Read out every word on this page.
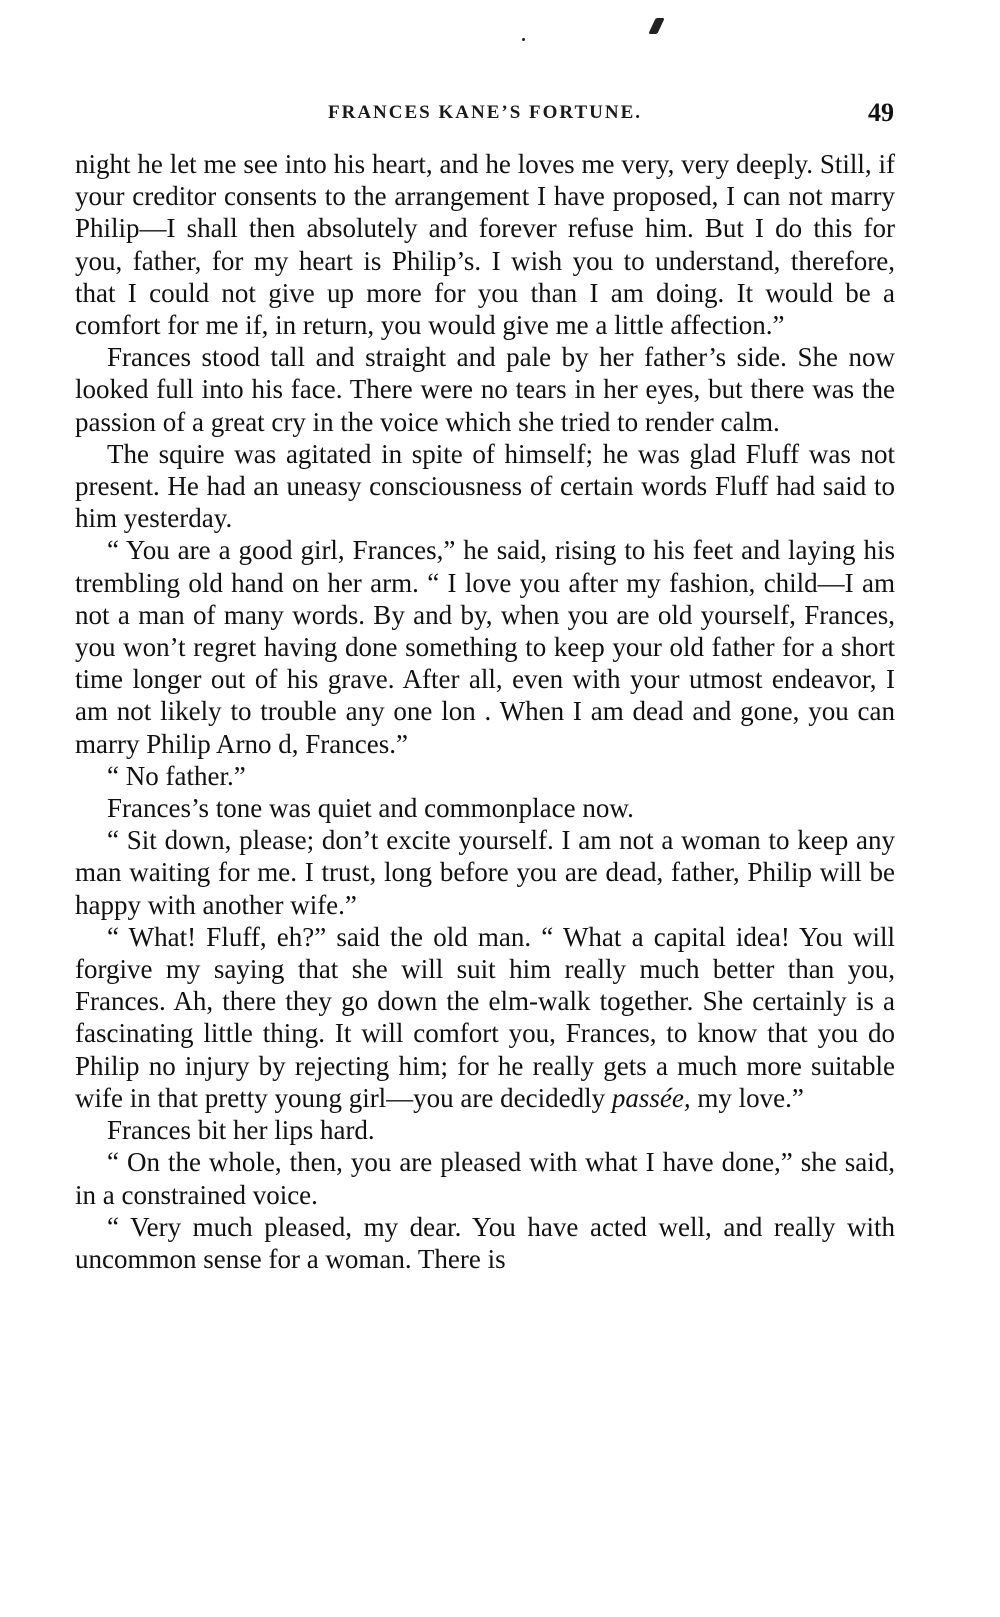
FRANCES KANE’S FORTUNE.	49

night he let me see into his heart, and he loves me very, very deeply. Still, if your creditor consents to the arrangement I have proposed, I can not marry Philip—I shall then absolutely and forever refuse him. But I do this for you, father, for my heart is Philip’s. I wish you to understand, therefore, that I could not give up more for you than I am doing. It would be a comfort for me if, in return, you would give me a little affection.”

Frances stood tall and straight and pale by her father’s side. She now looked full into his face. There were no tears in her eyes, but there was the passion of a great cry in the voice which she tried to render calm.

The squire was agitated in spite of himself; he was glad Fluff was not present. He had an uneasy consciousness of certain words Fluff had said to him yesterday.

“ You are a good girl, Frances,” he said, rising to his feet and laying his trembling old hand on her arm. “ I love you after my fashion, child—I am not a man of many words. By and by, when you are old yourself, Frances, you won’t regret having done something to keep your old father for a short time longer out of his grave. After all, even with your utmost endeavor, I am not likely to trouble any one lon . When I am dead and gone, you can marry Philip Arno d, Frances.”

“ No father.”

Frances’s tone was quiet and commonplace now.

“ Sit down, please; don’t excite yourself. I am not a woman to keep any man waiting for me. I trust, long before you are dead, father, Philip will be happy with another wife.”

“ What! Fluff, eh?” said the old man. “ What a capital idea! You will forgive my saying that she will suit him really much better than you, Frances. Ah, there they go down the elm-walk together. She certainly is a fascinating little thing. It will comfort you, Frances, to know that you do Philip no injury by rejecting him; for he really gets a much more suitable wife in that pretty young girl—you are decidedly passée, my love.”

Frances bit her lips hard.

“ On the whole, then, you are pleased with what I have done,” she said, in a constrained voice.

“ Very much pleased, my dear. You have acted well, and really with uncommon sense for a woman. There is
